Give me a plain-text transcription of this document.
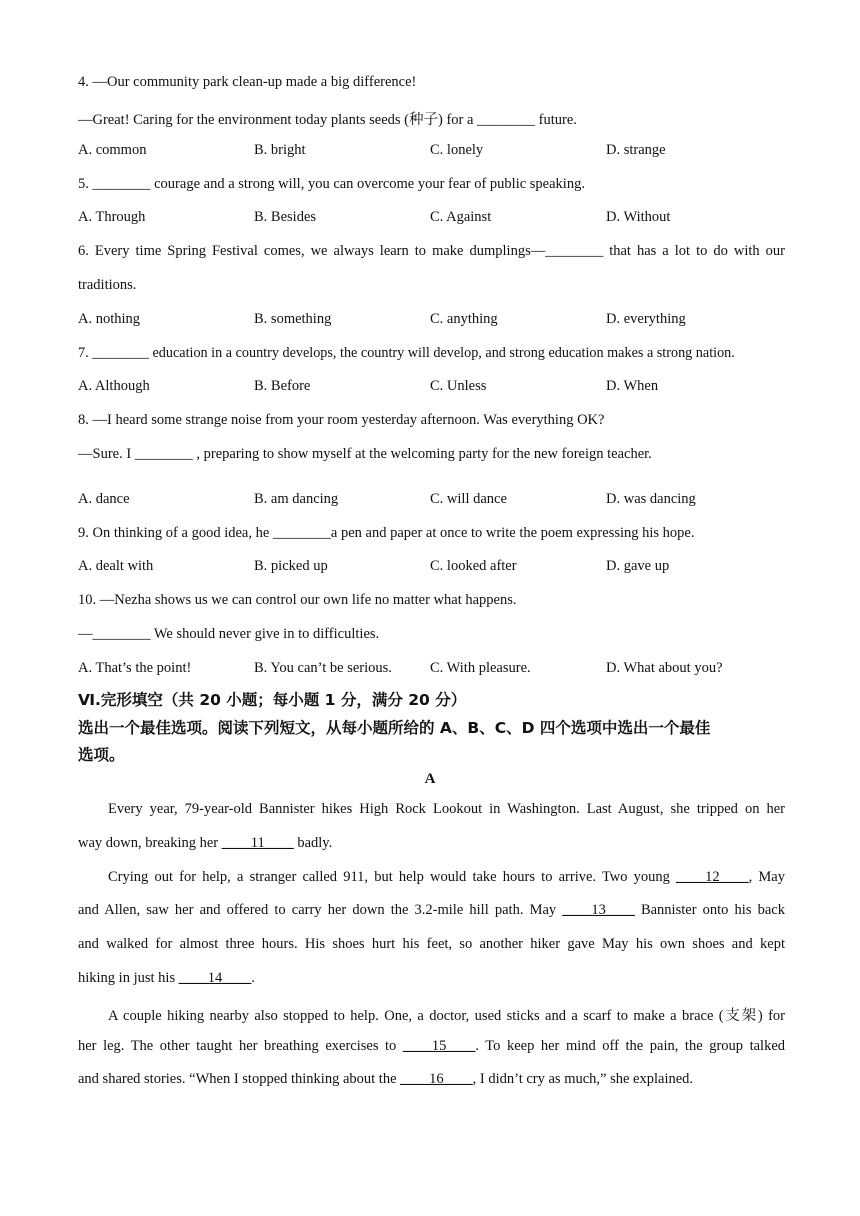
4. —Our community park clean-up made a big difference!
—Great! Caring for the environment today plants seeds (种子) for a ________ future.
A. common	B. bright	C. lonely	D. strange
5. ________ courage and a strong will, you can overcome your fear of public speaking.
A. Through	B. Besides	C. Against	D. Without
6. Every time Spring Festival comes, we always learn to make dumplings—________ that has a lot to do with our
traditions.
A. nothing	B. something	C. anything	D. everything
7. ________ education in a country develops, the country will develop, and strong education makes a strong nation.
A. Although	B. Before	C. Unless	D. When
8. —I heard some strange noise from your room yesterday afternoon. Was everything OK?
—Sure. I ________ , preparing to show myself at the welcoming party for the new foreign teacher.
A. dance	B. am dancing	C. will dance	D. was dancing
9. On thinking of a good idea, he ________a pen and paper at once to write the poem expressing his hope.
A. dealt with	B. picked up	C. looked after	D. gave up
10. —Nezha shows us we can control our own life no matter what happens.
—________ We should never give in to difficulties.
A. That’s the point!	B. You can’t be serious.	C. With pleasure.	D. What about you?
Ⅵ.完形填空（共 20 小题；每小题 1 分，满分 20 分）
选出一个最佳选项。阅读下列短文，从每小题所给的 A、B、C、D 四个选项中选出一个最佳
选项。
A
Every year, 79-year-old Bannister hikes High Rock Lookout in Washington. Last August, she tripped on her
way down, breaking her ____11____ badly.
Crying out for help, a stranger called 911, but help would take hours to arrive. Two young ____12____, May
and Allen, saw her and offered to carry her down the 3.2-mile hill path. May ____13____ Bannister onto his back
and walked for almost three hours. His shoes hurt his feet, so another hiker gave May his own shoes and kept
hiking in just his ____14____.
A couple hiking nearby also stopped to help. One, a doctor, used sticks and a scarf to make a brace (支架) for
her leg. The other taught her breathing exercises to ____15____. To keep her mind off the pain, the group talked
and shared stories. “When I stopped thinking about the ____16____, I didn’t cry as much,” she explained.
